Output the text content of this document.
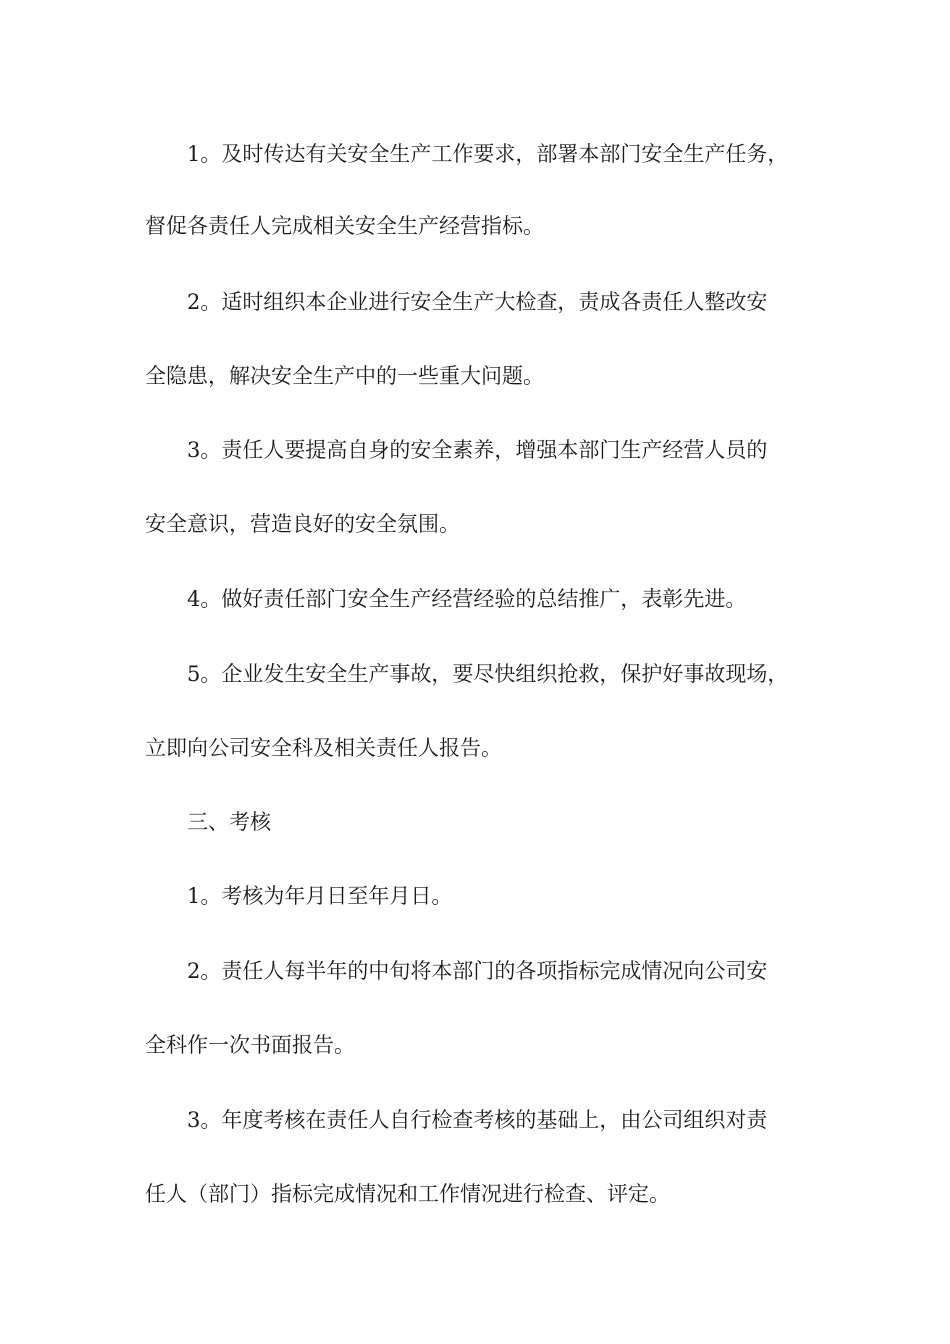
1。及时传达有关安全生产工作要求，部署本部门安全生产任务，
督促各责任人完成相关安全生产经营指标。
2。适时组织本企业进行安全生产大检查，责成各责任人整改安
全隐患，解决安全生产中的一些重大问题。
3。责任人要提高自身的安全素养，增强本部门生产经营人员的
安全意识，营造良好的安全氛围。
4。做好责任部门安全生产经营经验的总结推广，表彰先进。
5。企业发生安全生产事故，要尽快组织抢救，保护好事故现场，
立即向公司安全科及相关责任人报告。
三、考核
1。考核为年月日至年月日。
2。责任人每半年的中旬将本部门的各项指标完成情况向公司安
全科作一次书面报告。
3。年度考核在责任人自行检查考核的基础上，由公司组织对责
任人（部门）指标完成情况和工作情况进行检查、评定。
